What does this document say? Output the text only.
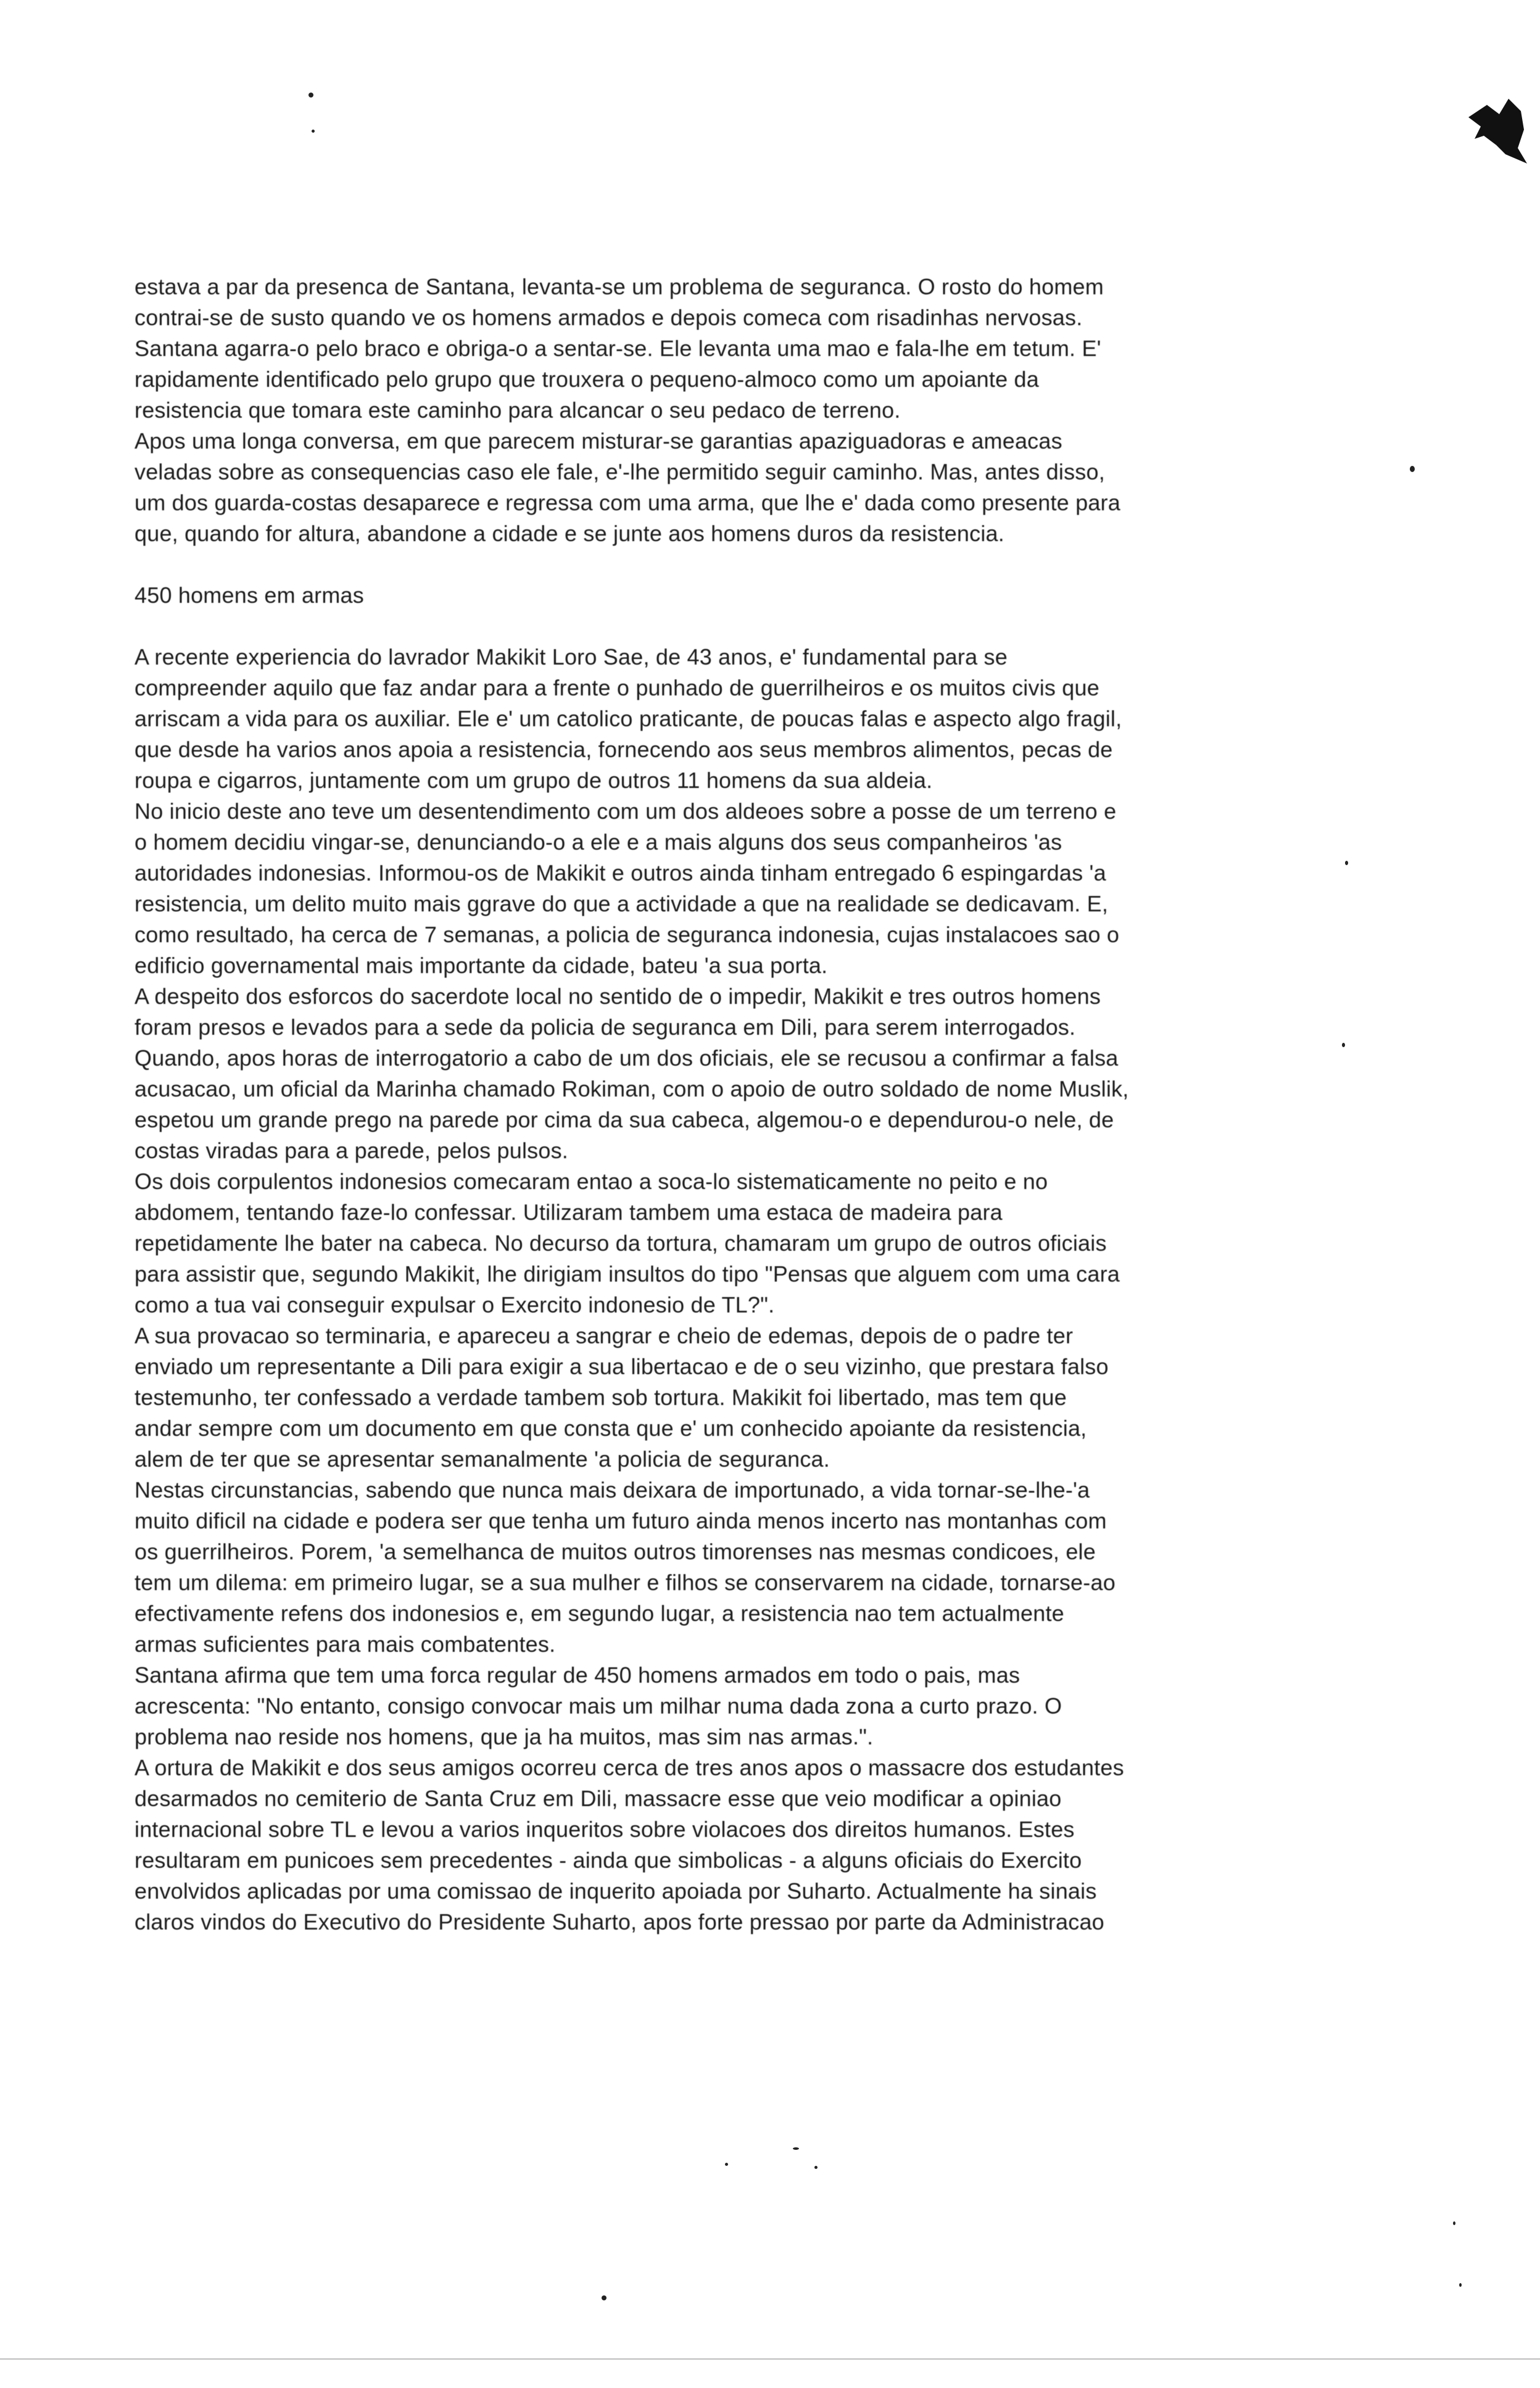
estava a par da presenca de Santana, levanta-se um problema de seguranca. O rosto do homem
contrai-se de susto quando ve os homens armados e depois comeca com risadinhas nervosas.
Santana agarra-o pelo braco e obriga-o a sentar-se. Ele levanta uma mao e fala-lhe em tetum. E'
rapidamente identificado pelo grupo que trouxera o pequeno-almoco como um apoiante da
resistencia que tomara este caminho para alcancar o seu pedaco de terreno.
Apos uma longa conversa, em que parecem misturar-se garantias apaziguadoras e ameacas
veladas sobre as consequencias caso ele fale, e'-lhe permitido seguir caminho. Mas, antes disso,
um dos guarda-costas desaparece e regressa com uma arma, que lhe e' dada como presente para
que, quando for altura, abandone a cidade e se junte aos homens duros da resistencia.
450 homens em armas
A recente experiencia do lavrador Makikit Loro Sae, de 43 anos, e' fundamental para se
compreender aquilo que faz andar para a frente o punhado de guerrilheiros e os muitos civis que
arriscam a vida para os auxiliar. Ele e' um catolico praticante, de poucas falas e aspecto algo fragil,
que desde ha varios anos apoia a resistencia, fornecendo aos seus membros alimentos, pecas de
roupa e cigarros, juntamente com um grupo de outros 11 homens da sua aldeia.
No inicio deste ano teve um desentendimento com um dos aldeoes sobre a posse de um terreno e
o homem decidiu vingar-se, denunciando-o a ele e a mais alguns dos seus companheiros 'as
autoridades indonesias. Informou-os de Makikit e outros ainda tinham entregado 6 espingardas 'a
resistencia, um delito muito mais ggrave do que a actividade a que na realidade se dedicavam. E,
como resultado, ha cerca de 7 semanas, a policia de seguranca indonesia, cujas instalacoes sao o
edificio governamental mais importante da cidade, bateu 'a sua porta.
A despeito dos esforcos do sacerdote local no sentido de o impedir, Makikit e tres outros homens
foram presos e levados para a sede da policia de seguranca em Dili, para serem interrogados.
Quando, apos horas de interrogatorio a cabo de um dos oficiais, ele se recusou a confirmar a falsa
acusacao, um oficial da Marinha chamado Rokiman, com o apoio de outro soldado de nome Muslik,
espetou um grande prego na parede por cima da sua cabeca, algemou-o e dependurou-o nele, de
costas viradas para a parede, pelos pulsos.
Os dois corpulentos indonesios comecaram entao a soca-lo sistematicamente no peito e no
abdomem, tentando faze-lo confessar. Utilizaram tambem uma estaca de madeira para
repetidamente lhe bater na cabeca. No decurso da tortura, chamaram um grupo de outros oficiais
para assistir que, segundo Makikit, lhe dirigiam insultos do tipo "Pensas que alguem com uma cara
como a tua vai conseguir expulsar o Exercito indonesio de TL?".
A sua provacao so terminaria, e apareceu a sangrar e cheio de edemas, depois de o padre ter
enviado um representante a Dili para exigir a sua libertacao e de o seu vizinho, que prestara falso
testemunho, ter confessado a verdade tambem sob tortura. Makikit foi libertado, mas tem que
andar sempre com um documento em que consta que e' um conhecido apoiante da resistencia,
alem de ter que se apresentar semanalmente 'a policia de seguranca.
Nestas circunstancias, sabendo que nunca mais deixara de importunado, a vida tornar-se-lhe-'a
muito dificil na cidade e podera ser que tenha um futuro ainda menos incerto nas montanhas com
os guerrilheiros. Porem, 'a semelhanca de muitos outros timorenses nas mesmas condicoes, ele
tem um dilema: em primeiro lugar, se a sua mulher e filhos se conservarem na cidade, tornarse-ao
efectivamente refens dos indonesios e, em segundo lugar, a resistencia nao tem actualmente
armas suficientes para mais combatentes.
Santana afirma que tem uma forca regular de 450 homens armados em todo o pais, mas
acrescenta: "No entanto, consigo convocar mais um milhar numa dada zona a curto prazo. O
problema nao reside nos homens, que ja ha muitos, mas sim nas armas.".
A ortura de Makikit e dos seus amigos ocorreu cerca de tres anos apos o massacre dos estudantes
desarmados no cemiterio de Santa Cruz em Dili, massacre esse que veio modificar a opiniao
internacional sobre TL e levou a varios inqueritos sobre violacoes dos direitos humanos. Estes
resultaram em punicoes sem precedentes - ainda que simbolicas - a alguns oficiais do Exercito
envolvidos aplicadas por uma comissao de inquerito apoiada por Suharto. Actualmente ha sinais
claros vindos do Executivo do Presidente Suharto, apos forte pressao por parte da Administracao
